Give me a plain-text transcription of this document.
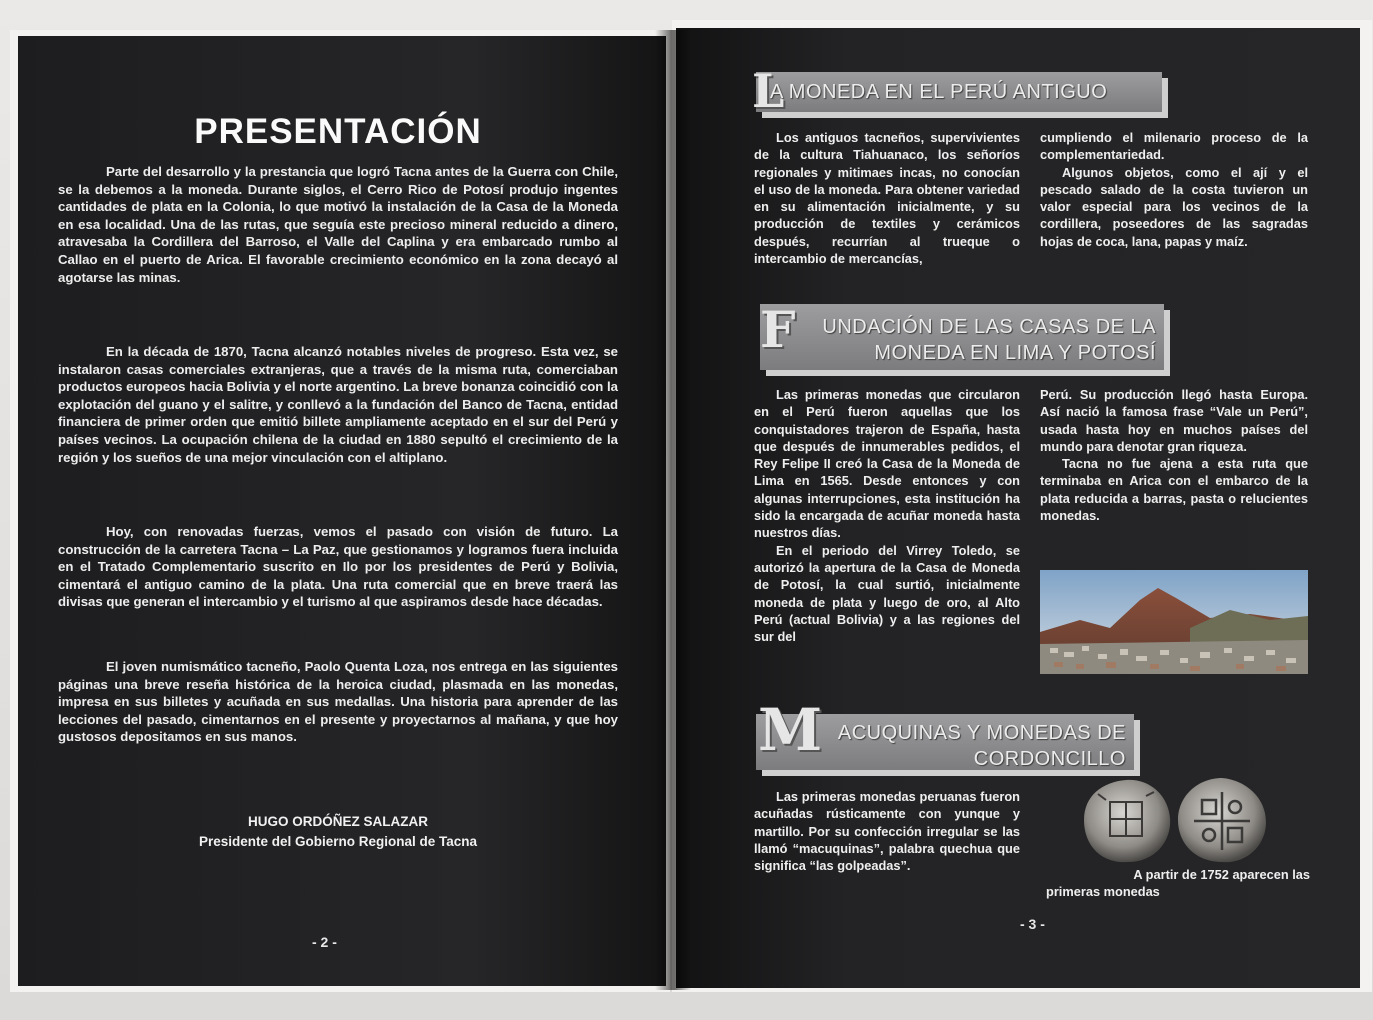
PRESENTACIÓN

Parte del desarrollo y la prestancia que logró Tacna antes de la Guerra con Chile, se la debemos a la moneda. Durante siglos, el Cerro Rico de Potosí produjo ingentes cantidades de plata en la Colonia, lo que motivó la instalación de la Casa de la Moneda en esa localidad. Una de las rutas, que seguía este precioso mineral reducido a dinero, atravesaba la Cordillera del Barroso, el Valle del Caplina y era embarcado rumbo al Callao en el puerto de Arica. El favorable crecimiento económico en la zona decayó al agotarse las minas.

En la década de 1870, Tacna alcanzó notables niveles de progreso. Esta vez, se instalaron casas comerciales extranjeras, que a través de la misma ruta, comerciaban productos europeos hacia Bolivia y el norte argentino. La breve bonanza coincidió con la explotación del guano y el salitre, y conllevó a la fundación del Banco de Tacna, entidad financiera de primer orden que emitió billete ampliamente aceptado en el sur del Perú y países vecinos. La ocupación chilena de la ciudad en 1880 sepultó el crecimiento de la región y los sueños de una mejor vinculación con el altiplano.

Hoy, con renovadas fuerzas, vemos el pasado con visión de futuro. La construcción de la carretera Tacna – La Paz, que gestionamos y logramos fuera incluida en el Tratado Complementario suscrito en Ilo por los presidentes de Perú y Bolivia, cimentará el antiguo camino de la plata. Una ruta comercial que en breve traerá las divisas que generan el intercambio y el turismo al que aspiramos desde hace décadas.

El joven numismático tacneño, Paolo Quenta Loza, nos entrega en las siguientes páginas una breve reseña histórica de la heroica ciudad, plasmada en las monedas, impresa en sus billetes y acuñada en sus medallas. Una historia para aprender de las lecciones del pasado, cimentarnos en el presente y proyectarnos al mañana, y que hoy gustosos depositamos en sus manos.

HUGO ORDÓÑEZ SALAZAR
Presidente del Gobierno Regional de Tacna
- 2 -
L
A MONEDA EN EL PERÚ ANTIGUO

Los antiguos tacneños, supervivientes de la cultura Tiahuanaco, los señoríos regionales y mitimaes incas, no conocían el uso de la moneda. Para obtener variedad en su alimentación inicialmente, y su producción de textiles y cerámicos después, recurrían al trueque o intercambio de mercancías,

cumpliendo el milenario proceso de la complementariedad.

Algunos objetos, como el ají y el pescado salado de la costa tuvieron un valor especial para los vecinos de la cordillera, poseedores de las sagradas hojas de coca, lana, papas y maíz.

F UNDACIÓN DE LAS CASAS DE LA
MONEDA EN LIMA Y POTOSÍ

Las primeras monedas que circularon en el Perú fueron aquellas que los conquistadores trajeron de España, hasta que después de innumerables pedidos, el Rey Felipe II creó la Casa de la Moneda de Lima en 1565. Desde entonces y con algunas interrupciones, esta institución ha sido la encargada de acuñar moneda hasta nuestros días.

En el periodo del Virrey Toledo, se autorizó la apertura de la Casa de Moneda de Potosí, la cual surtió, inicialmente moneda de plata y luego de oro, al Alto Perú (actual Bolivia) y a las regiones del sur del

Perú. Su producción llegó hasta Europa. Así nació la famosa frase “Vale un Perú”, usada hasta hoy en muchos países del mundo para denotar gran riqueza.

Tacna no fue ajena a esta ruta que terminaba en Arica con el embarco de la plata reducida a barras, pasta o relucientes monedas.

M ACUQUINAS Y MONEDAS DE
CORDONCILLO

Las primeras monedas peruanas fueron acuñadas rústicamente con yunque y martillo. Por su confección irregular se las llamó “macuquinas”, palabra quechua que significa “las golpeadas”.

A partir de 1752 aparecen las
primeras monedas
- 3 -
